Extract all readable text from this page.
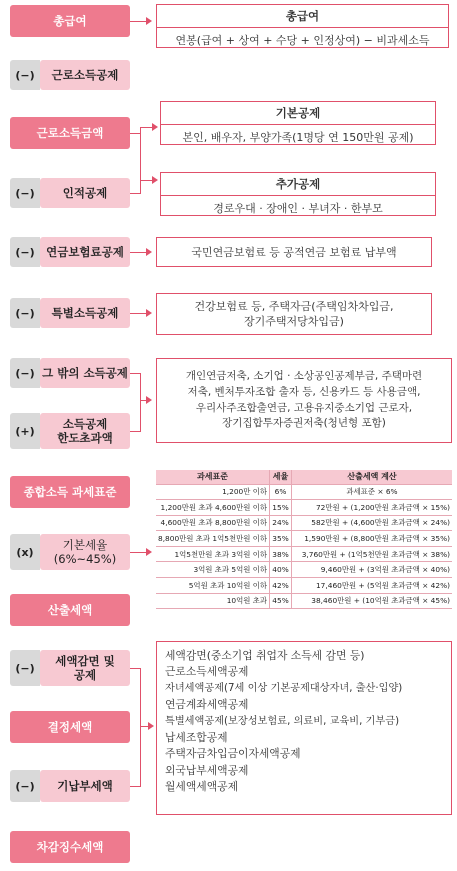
총급여
(−)	근로소득공제
근로소득금액
(−)	인적공제
(−) 연금보험료공제
(−)	특별소득공제
(−) 그 밖의 소득공제
(+)
소득공제
한도초과액
종합소득 과세표준
(x)
기본세율
(6%~45%)
산출세액
(−)
세액감면 및
공제
결정세액
(−)	기납부세액
차감징수세액
총급여
연봉(급여 + 상여 + 수당 + 인정상여) − 비과세소득
기본공제
본인, 배우자, 부양가족(1명당 연 150만원 공제)
추가공제
경로우대 · 장애인 · 부녀자 · 한부모
국민연금보험료 등 공적연금 보험료 납부액
건강보험료 등, 주택자금(주택임차차입금,
장기주택저당차입금)
개인연금저축, 소기업 · 소상공인공제부금, 주택마련
저축, 벤처투자조합 출자 등, 신용카드 등 사용금액,
우리사주조합출연금, 고용유지중소기업 근로자,
장기집합투자증권저축(청년형 포함)
과세표준	세율	산출세액 계산
1,200만 이하	6%	과세표준 × 6%
1,200만원 초과 4,600만원 이하	15%	72만원 + (1,200만원 초과금액 × 15%)
4,600만원 초과 8,800만원 이하	24%	582만원 + (4,600만원 초과금액 × 24%)
8,800만원 초과 1억5천만원 이하	35%	1,590만원 + (8,800만원 초과금액 × 35%)
1억5천만원 초과 3억원 이하	38%	3,760만원 + (1억5천만원 초과금액 × 38%)
3억원 초과 5억원 이하	40%	9,460만원 + (3억원 초과금액 × 40%)
5억원 초과 10억원 이하	42%	17,460만원 + (5억원 초과금액 × 42%)
10억원 초과	45%	38,460만원 + (10억원 초과금액 × 45%)
세액감면(중소기업 취업자 소득세 감면 등)
근로소득세액공제
자녀세액공제(7세 이상 기본공제대상자녀, 출산·입양)
연금계좌세액공제
특별세액공제(보장성보험료, 의료비, 교육비, 기부금)
납세조합공제
주택자금차입금이자세액공제
외국납부세액공제
월세액세액공제
